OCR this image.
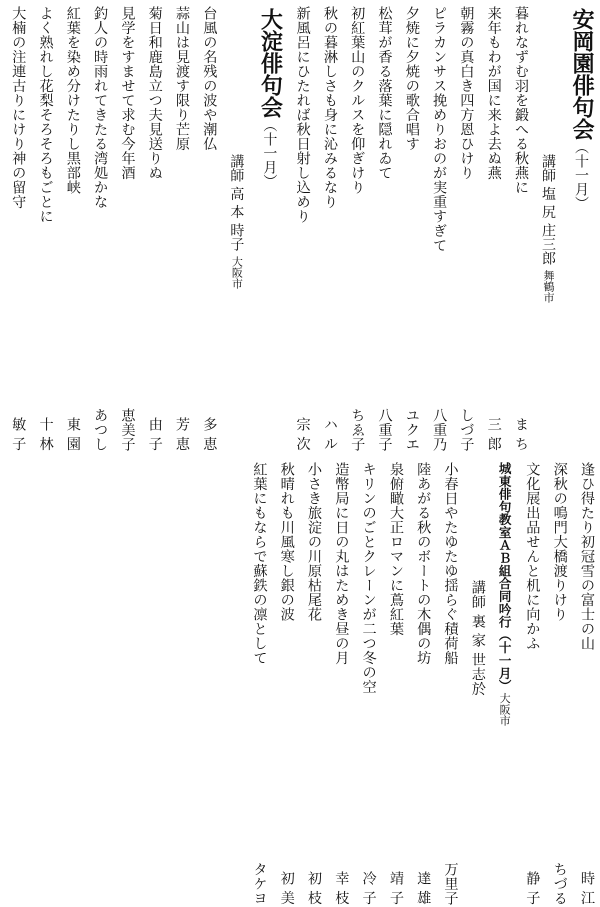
安岡園俳句会（十一月）
講師 塩 尻 庄三郎 舞鶴市
暮れなずむ羽を鍛へる秋燕に
ま ち
来年もわが国に来よ去ぬ燕
三 郎
朝霧の真白き四方恩ひけり
しづ子
ピラカンサス挽めりおのが実重すぎて
八重乃
夕焼に夕焼の歌合唱す
ユクエ
松茸が香る落葉に隠れゐて
八重子
初紅葉山のクルスを仰ぎけり
ちゑ子
秋の暮淋しさも身に沁みるなり
ハ ル
新風呂にひたれば秋日射し込めり
宗 次
大淀俳句会（十一月）
講師 高 本 時子 大阪市
台風の名残の波や潮仏
多 恵
蒜山は見渡す限り芒原
芳 恵
菊日和鹿島立つ夫見送りぬ
由 子
見学をすませて求む今年酒
恵美子
釣人の時雨れてきたる湾処かな
あつし
紅葉を染め分けたりし黒部峡
東 園
よく熟れし花梨そろそろもごとに
十 林
大楠の注連古りにけり神の留守
敏 子
逢ひ得たり初冠雪の富士の山
時 江
深秋の鳴門大橋渡りけり
ちづる
文化展出品せんと机に向かふ
静 子
城東俳句教室ＡＢ組合同吟行（十一月）大阪市
講師 裏 家 世志於
小春日やたゆたゆ揺らぐ積荷船
万里子
陸あがる秋のボートの木偶の坊
達 雄
泉俯瞰大正ロマンに蔦紅葉
靖 子
キリンのごとクレーンが二つ冬の空
冷 子
造幣局に日の丸はためき昼の月
幸 枝
小さき旅淀の川原枯尾花
初 枝
秋晴れも川風寒し銀の波
初 美
紅葉にもならで蘇鉄の凛として
タケヨ
